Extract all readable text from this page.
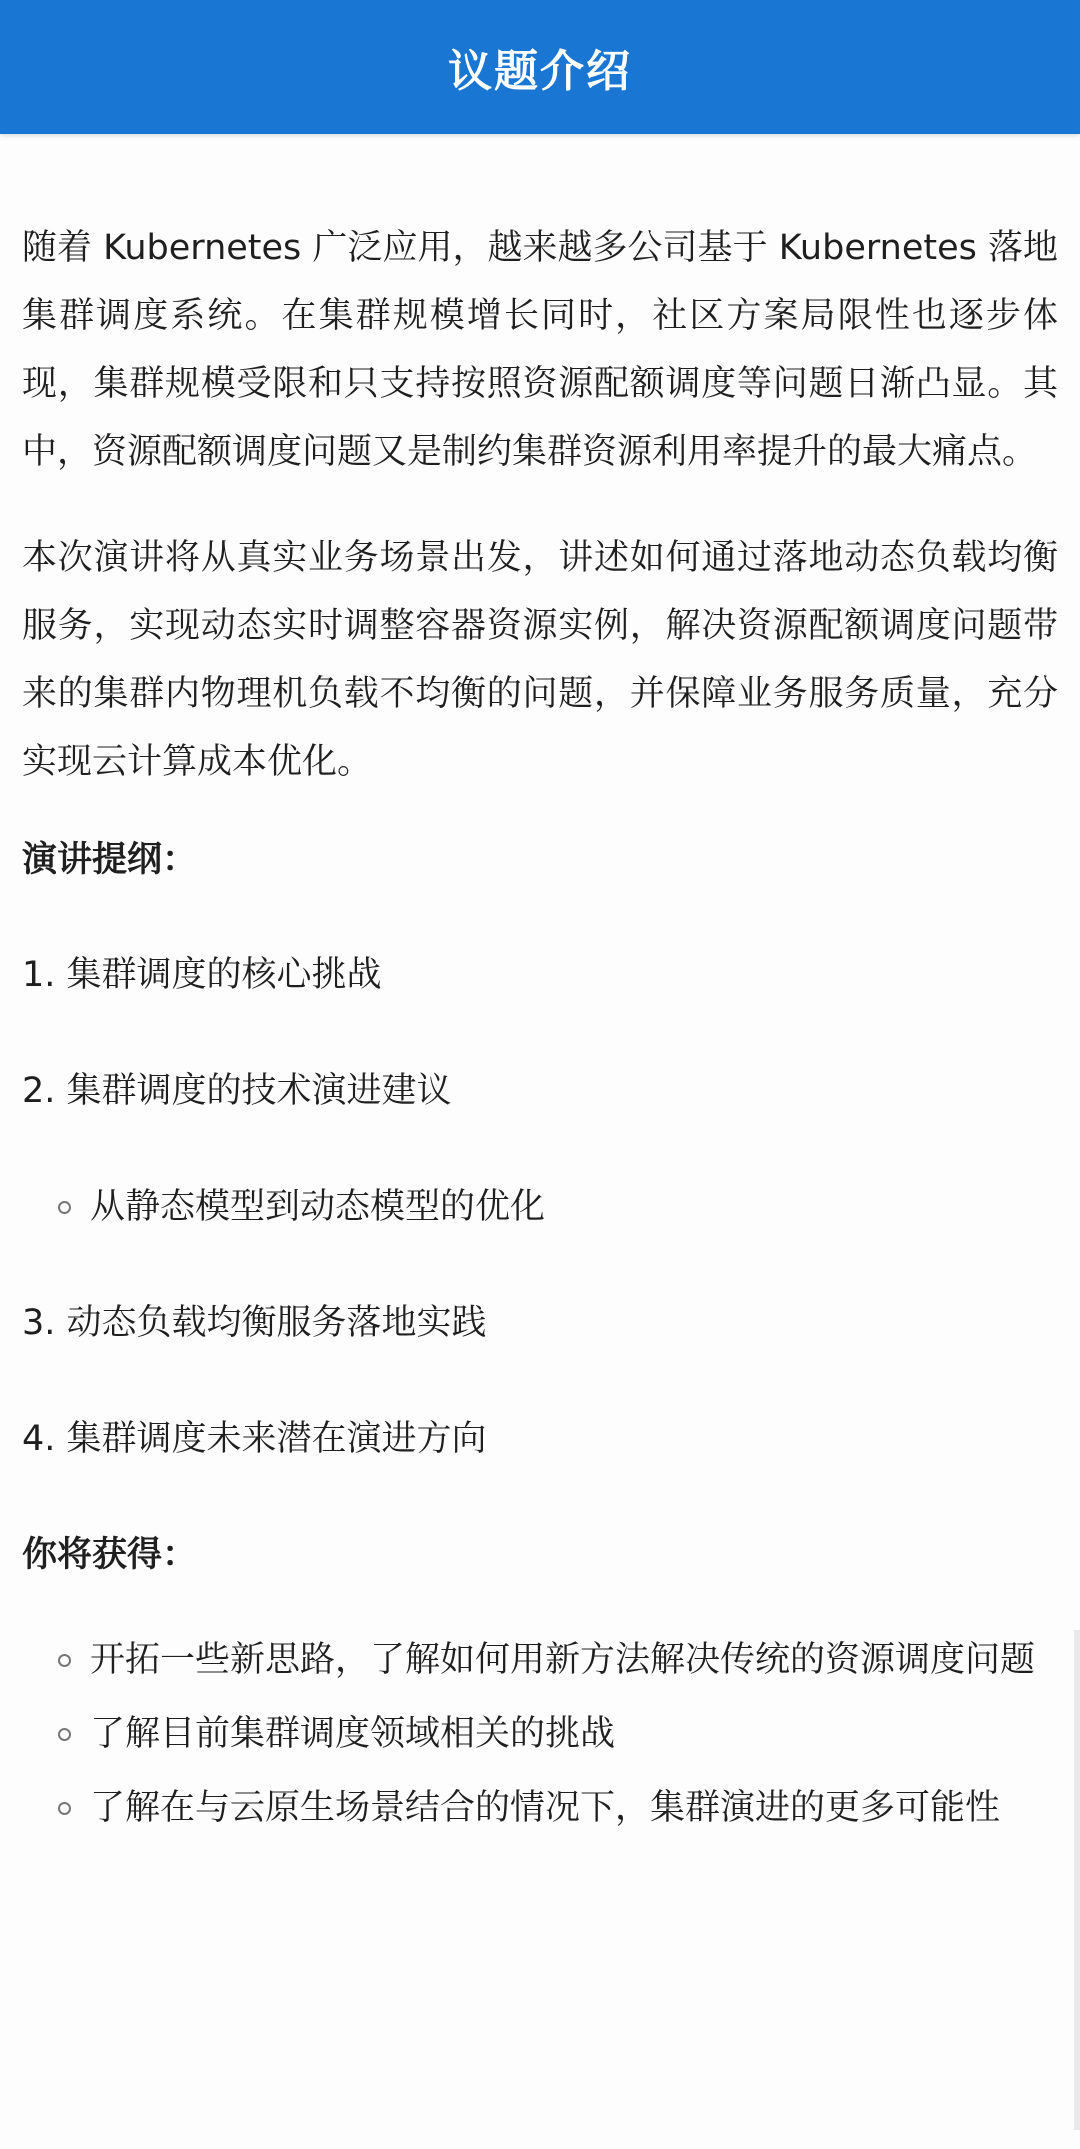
议题介绍

随着 Kubernetes 广泛应用，越来越多公司基于 Kubernetes 落地集群调度系统。在集群规模增长同时，社区方案局限性也逐步体现，集群规模受限和只支持按照资源配额调度等问题日渐凸显。其中，资源配额调度问题又是制约集群资源利用率提升的最大痛点。

本次演讲将从真实业务场景出发，讲述如何通过落地动态负载均衡服务，实现动态实时调整容器资源实例，解决资源配额调度问题带来的集群内物理机负载不均衡的问题，并保障业务服务质量，充分实现云计算成本优化。

演讲提纲：
1. 集群调度的核心挑战
2. 集群调度的技术演进建议
从静态模型到动态模型的优化
3. 动态负载均衡服务落地实践
4. 集群调度未来潜在演进方向
你将获得：
开拓一些新思路，了解如何用新方法解决传统的资源调度问题
了解目前集群调度领域相关的挑战
了解在与云原生场景结合的情况下，集群演进的更多可能性
